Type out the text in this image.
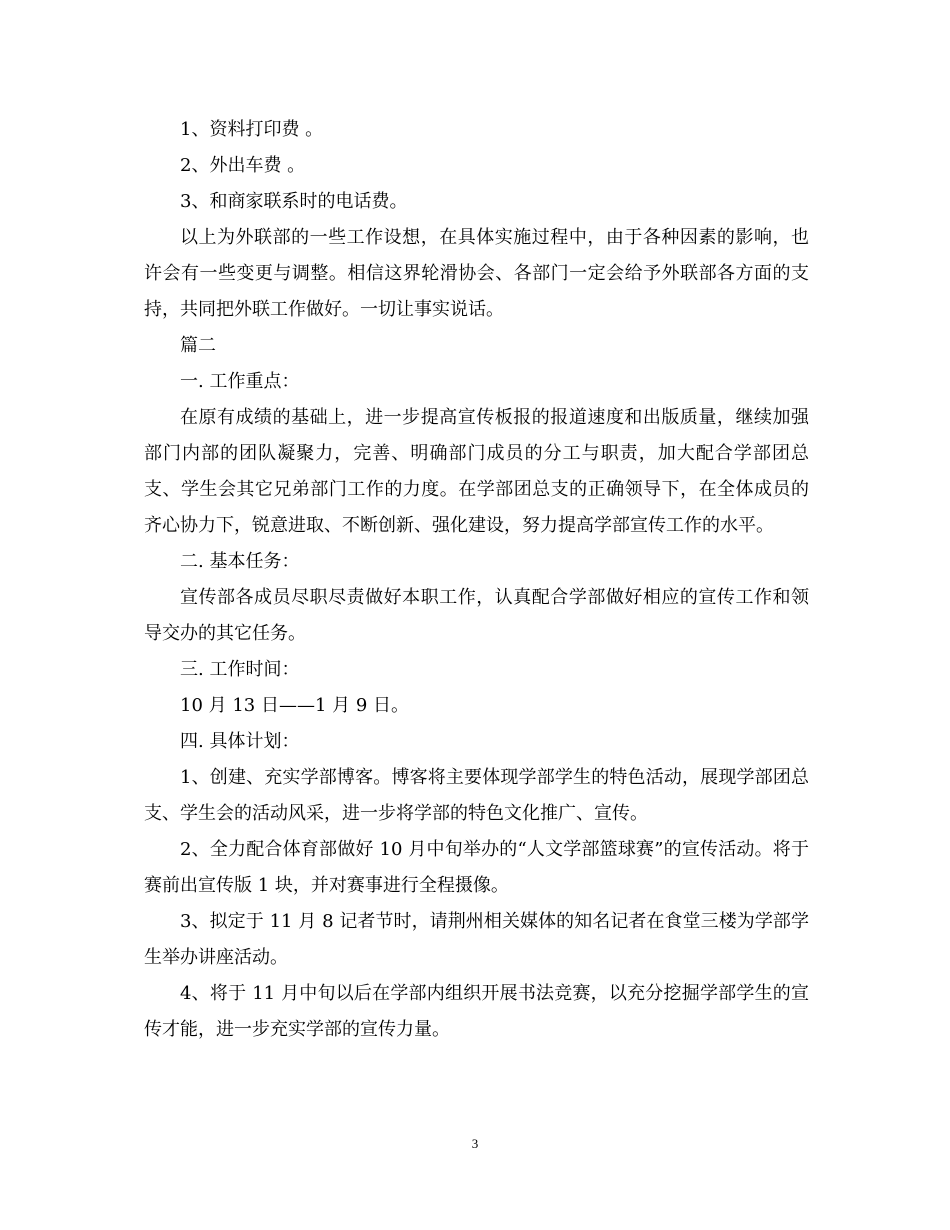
1、资料打印费 。

2、外出车费 。

3、和商家联系时的电话费。

以上为外联部的一些工作设想，在具体实施过程中，由于各种因素的影响，也许会有一些变更与调整。相信这界轮滑协会、各部门一定会给予外联部各方面的支持，共同把外联工作做好。一切让事实说话。

篇二

一. 工作重点：

在原有成绩的基础上，进一步提高宣传板报的报道速度和出版质量，继续加强部门内部的团队凝聚力，完善、明确部门成员的分工与职责，加大配合学部团总支、学生会其它兄弟部门工作的力度。在学部团总支的正确领导下，在全体成员的齐心协力下，锐意进取、不断创新、强化建设，努力提高学部宣传工作的水平。

二. 基本任务：

宣传部各成员尽职尽责做好本职工作，认真配合学部做好相应的宣传工作和领导交办的其它任务。

三. 工作时间：

10 月 13 日——1 月 9 日。

四. 具体计划：

1、创建、充实学部博客。博客将主要体现学部学生的特色活动，展现学部团总支、学生会的活动风采，进一步将学部的特色文化推广、宣传。

2、全力配合体育部做好 10 月中旬举办的“人文学部篮球赛”的宣传活动。将于赛前出宣传版 1 块，并对赛事进行全程摄像。

3、拟定于 11 月 8 记者节时，请荆州相关媒体的知名记者在食堂三楼为学部学生举办讲座活动。

4、将于 11 月中旬以后在学部内组织开展书法竞赛，以充分挖掘学部学生的宣传才能，进一步充实学部的宣传力量。

3
